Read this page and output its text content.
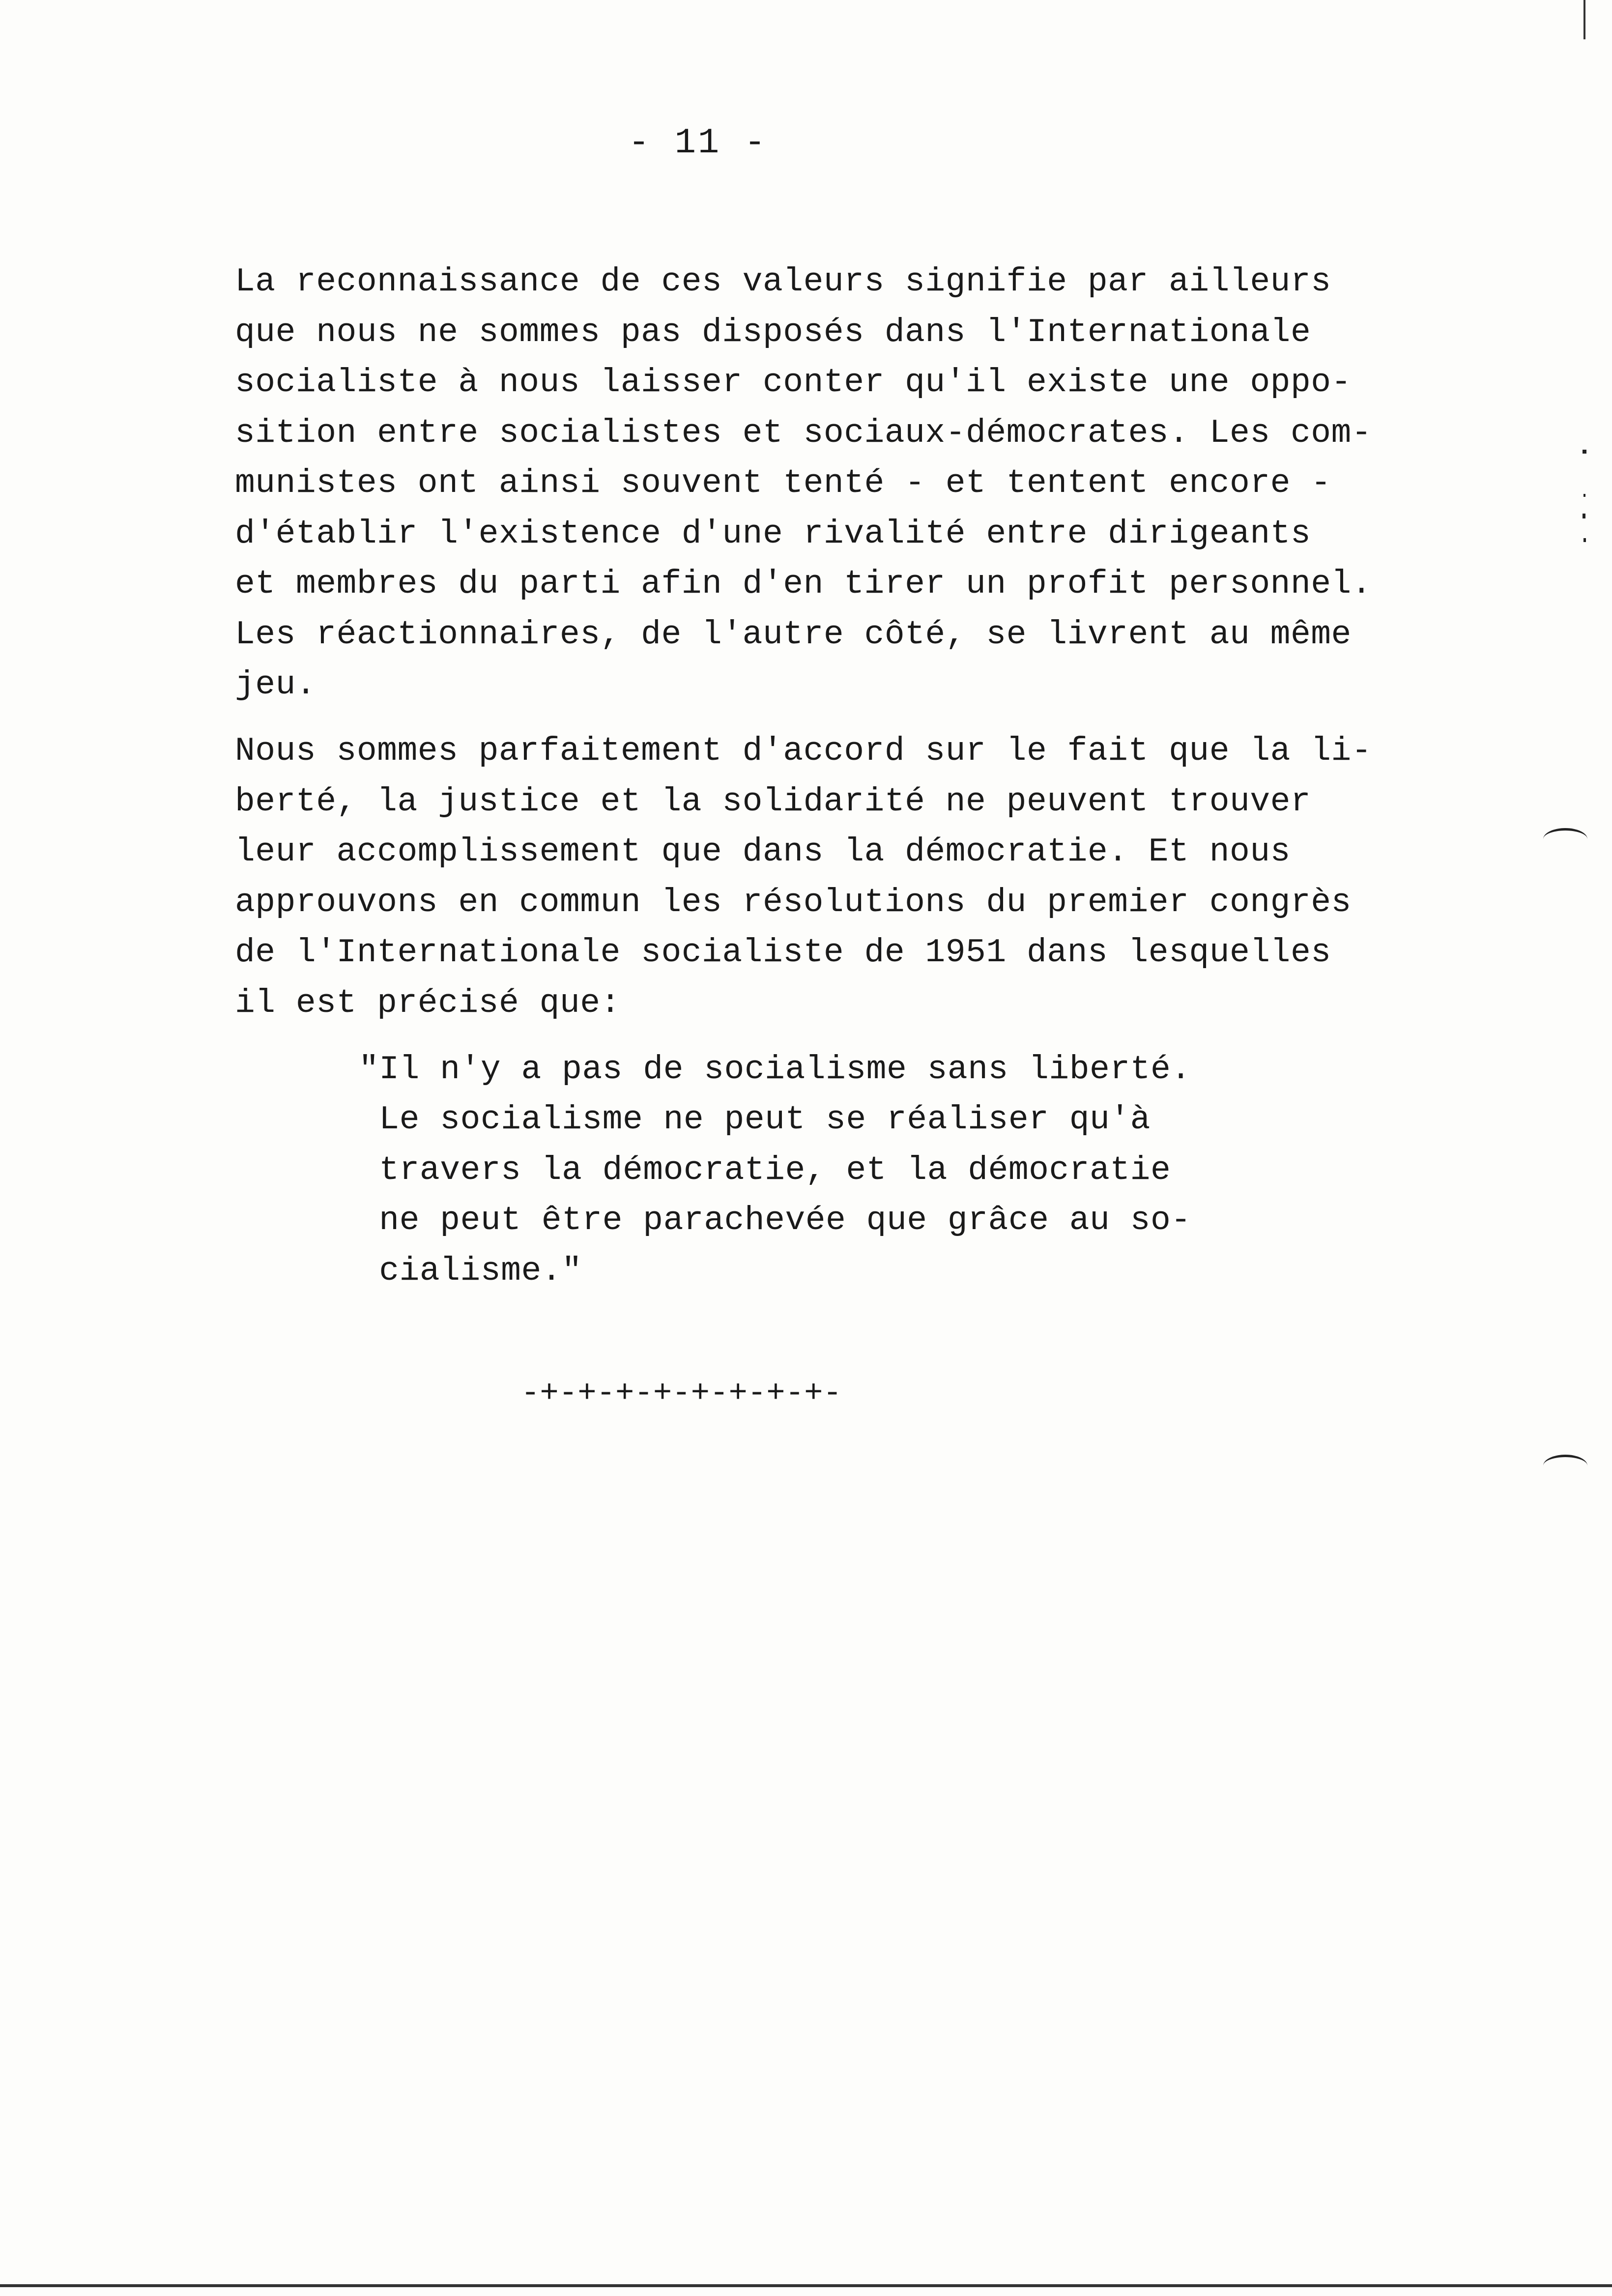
- 11 -
La reconnaissance de ces valeurs signifie par ailleurs
que nous ne sommes pas disposés dans l'Internationale
socialiste à nous laisser conter qu'il existe une oppo-
sition entre socialistes et sociaux-démocrates. Les com-
munistes ont ainsi souvent tenté - et tentent encore -
d'établir l'existence d'une rivalité entre dirigeants
et membres du parti afin d'en tirer un profit personnel.
Les réactionnaires, de l'autre côté, se livrent au même
jeu.
Nous sommes parfaitement d'accord sur le fait que la li-
berté, la justice et la solidarité ne peuvent trouver
leur accomplissement que dans la démocratie. Et nous
approuvons en commun les résolutions du premier congrès
de l'Internationale socialiste de 1951 dans lesquelles
il est précisé que:
"Il n'y a pas de socialisme sans liberté.
Le socialisme ne peut se réaliser qu'à
travers la démocratie, et la démocratie
ne peut être parachevée que grâce au so-
cialisme."
-+-+-+-+-+-+-+-+-
